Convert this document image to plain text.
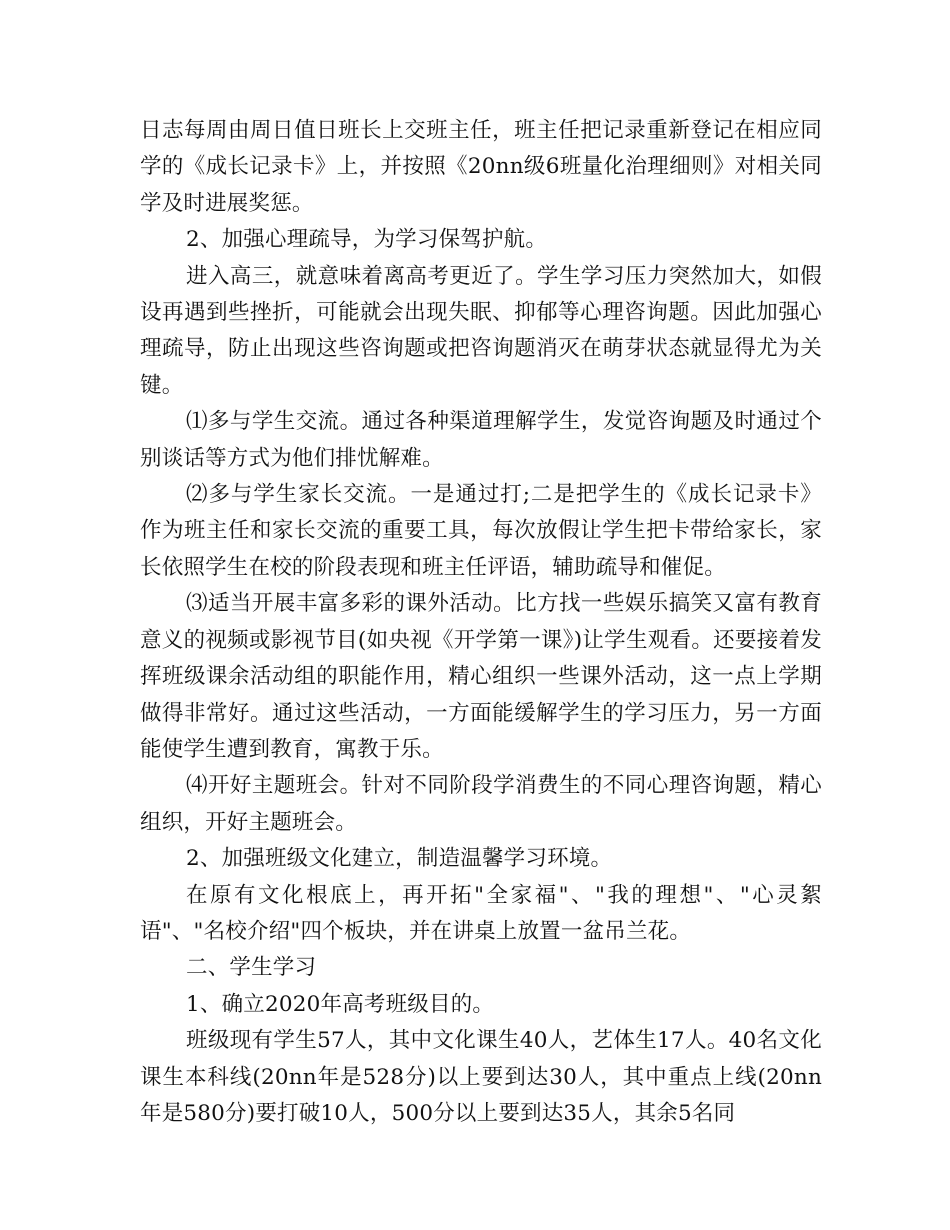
日志每周由周日值日班长上交班主任，班主任把记录重新登记在相应同学的《成长记录卡》上，并按照《20nn级6班量化治理细则》对相关同学及时进展奖惩。

2、加强心理疏导，为学习保驾护航。

进入高三，就意味着离高考更近了。学生学习压力突然加大，如假设再遇到些挫折，可能就会出现失眠、抑郁等心理咨询题。因此加强心理疏导，防止出现这些咨询题或把咨询题消灭在萌芽状态就显得尤为关键。

⑴多与学生交流。通过各种渠道理解学生，发觉咨询题及时通过个别谈话等方式为他们排忧解难。

⑵多与学生家长交流。一是通过打;二是把学生的《成长记录卡》作为班主任和家长交流的重要工具，每次放假让学生把卡带给家长，家长依照学生在校的阶段表现和班主任评语，辅助疏导和催促。

⑶适当开展丰富多彩的课外活动。比方找一些娱乐搞笑又富有教育意义的视频或影视节目(如央视《开学第一课》)让学生观看。还要接着发挥班级课余活动组的职能作用，精心组织一些课外活动，这一点上学期做得非常好。通过这些活动，一方面能缓解学生的学习压力，另一方面能使学生遭到教育，寓教于乐。

⑷开好主题班会。针对不同阶段学消费生的不同心理咨询题，精心组织，开好主题班会。

2、加强班级文化建立，制造温馨学习环境。

在原有文化根底上，再开拓"全家福"、"我的理想"、"心灵絮语"、"名校介绍"四个板块，并在讲桌上放置一盆吊兰花。

二、学生学习

1、确立2020年高考班级目的。

班级现有学生57人，其中文化课生40人，艺体生17人。40名文化课生本科线(20nn年是528分)以上要到达30人，其中重点上线(20nn年是580分)要打破10人，500分以上要到达35人，其余5名同
